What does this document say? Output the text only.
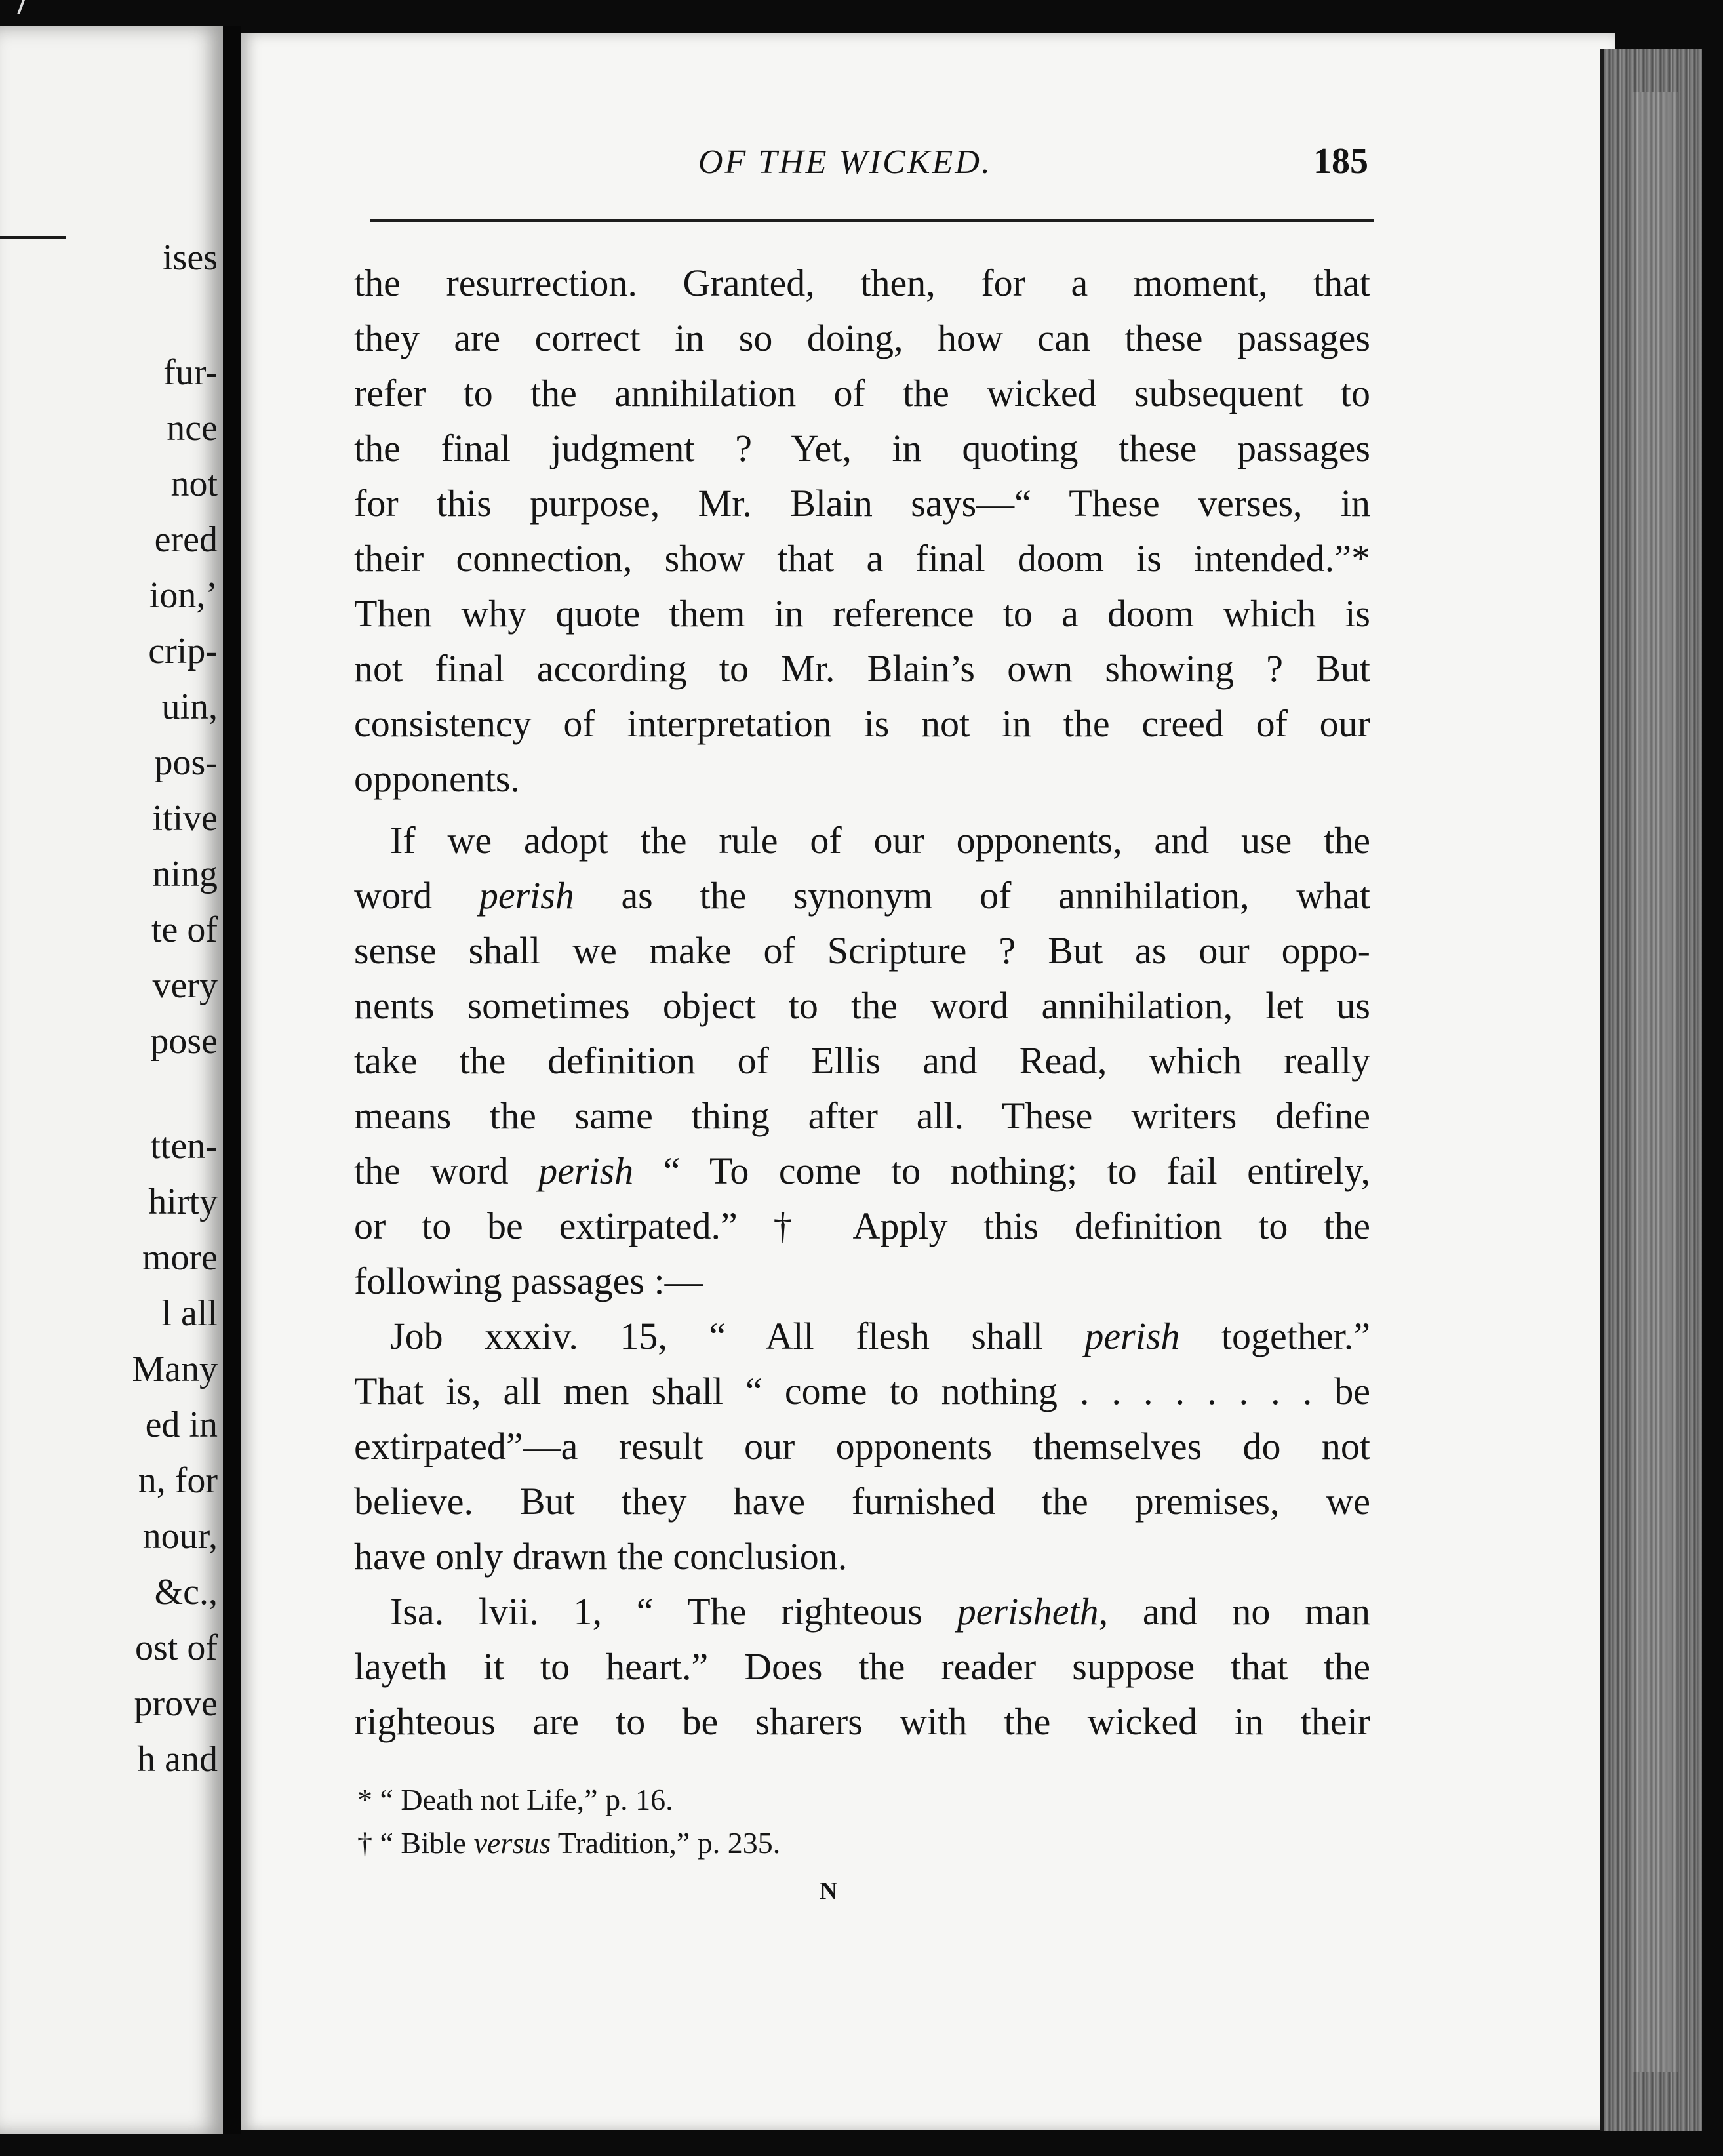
ises
fur-
nce
not
ered
ion,’
crip-
uin,
pos-
itive
ning
te of
very
pose
tten-
hirty
more
l all
Many
ed in
n, for
nour,
&c.,
ost of
prove
h and
OF THE WICKED.	185
the resurrection. Granted, then, for a moment, that
they are correct in so doing, how can these passages
refer to the annihilation of the wicked subsequent to
the final judgment ? Yet, in quoting these passages
for this purpose, Mr. Blain says—“ These verses, in
their connection, show that a final doom is intended.”*
Then why quote them in reference to a doom which is
not final according to Mr. Blain’s own showing ? But
consistency of interpretation is not in the creed of our
opponents.
If we adopt the rule of our opponents, and use the
word perish as the synonym of annihilation, what
sense shall we make of Scripture ? But as our oppo-
nents sometimes object to the word annihilation, let us
take the definition of Ellis and Read, which really
means the same thing after all. These writers define
the word perish “ To come to nothing; to fail entirely,
or to be extirpated.” † Apply this definition to the
following passages :—
Job xxxiv. 15, “ All flesh shall perish together.”
That is, all men shall “ come to nothing . . . . . . . . be
extirpated”—a result our opponents themselves do not
believe. But they have furnished the premises, we
have only drawn the conclusion.
Isa. lvii. 1, “ The righteous perisheth, and no man
layeth it to heart.” Does the reader suppose that the
righteous are to be sharers with the wicked in their
* “ Death not Life,” p. 16.
† “ Bible versus Tradition,” p. 235.
N
